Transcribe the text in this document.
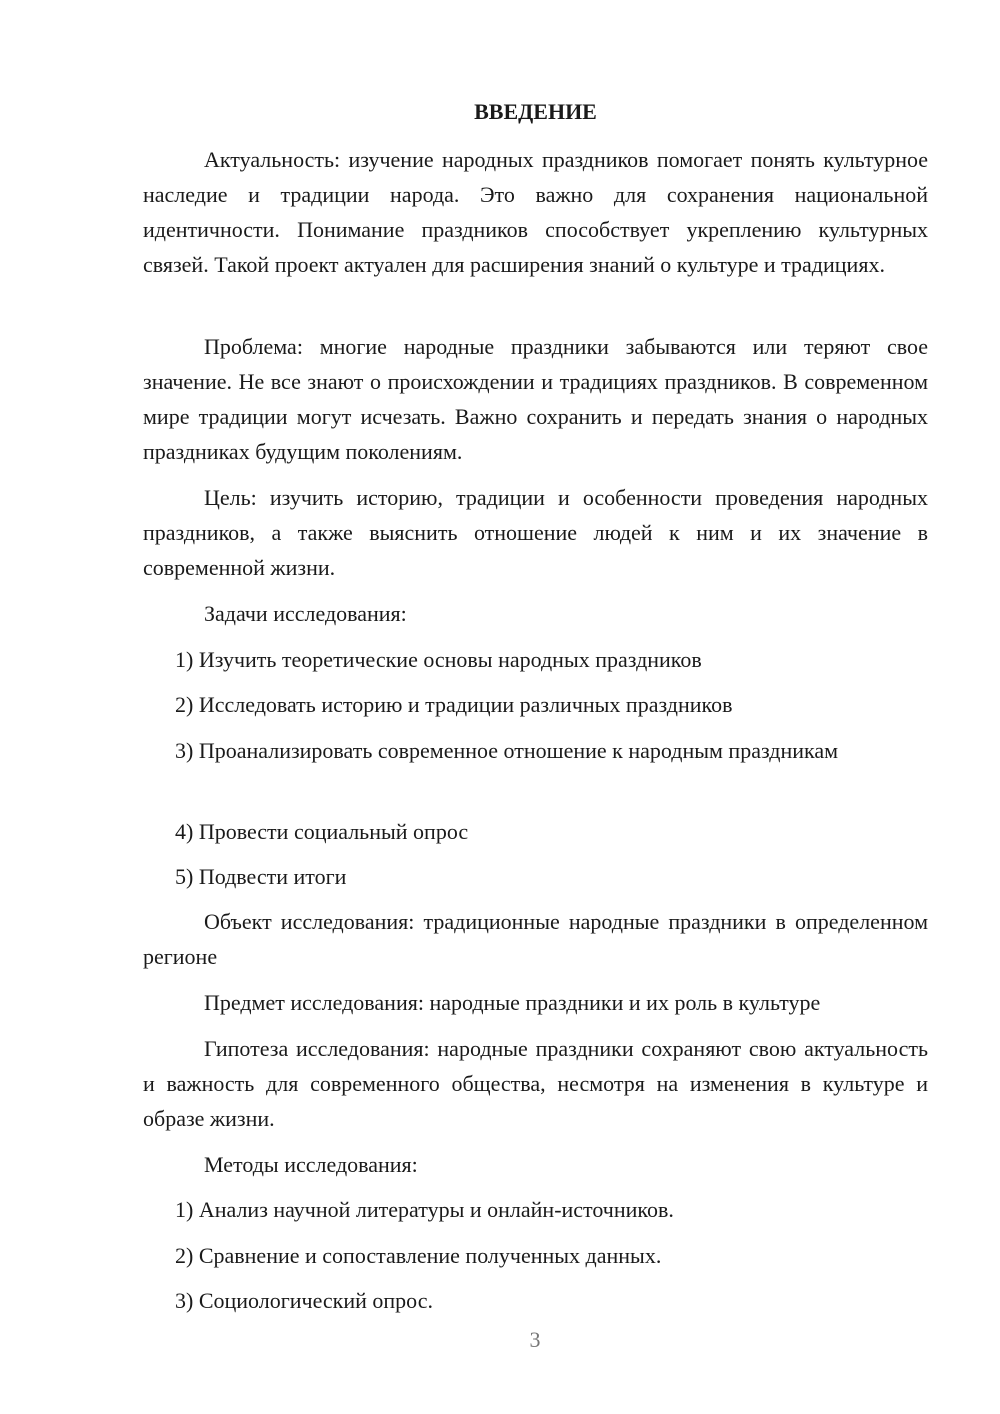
ВВЕДЕНИЕ

Актуальность: изучение народных праздников помогает понять культурное наследие и традиции народа. Это важно для сохранения национальной идентичности. Понимание праздников способствует укреплению культурных связей. Такой проект актуален для расширения знаний о культуре и традициях.

Проблема: многие народные праздники забываются или теряют свое значение. Не все знают о происхождении и традициях праздников. В современном мире традиции могут исчезать. Важно сохранить и передать знания о народных праздниках будущим поколениям.

Цель: изучить историю, традиции и особенности проведения народных праздников, а также выяснить отношение людей к ним и их значение в современной жизни.

Задачи исследования:

1) Изучить теоретические основы народных праздников

2) Исследовать историю и традиции различных праздников

3) Проанализировать современное отношение к народным праздникам

4) Провести социальный опрос

5) Подвести итоги

Объект исследования: традиционные народные праздники в определенном регионе

Предмет исследования: народные праздники и их роль в культуре

Гипотеза исследования: народные праздники сохраняют свою актуальность и важность для современного общества, несмотря на изменения в культуре и образе жизни.

Методы исследования:

1) Анализ научной литературы и онлайн-источников.

2) Сравнение и сопоставление полученных данных.

3) Социологический опрос.

3
